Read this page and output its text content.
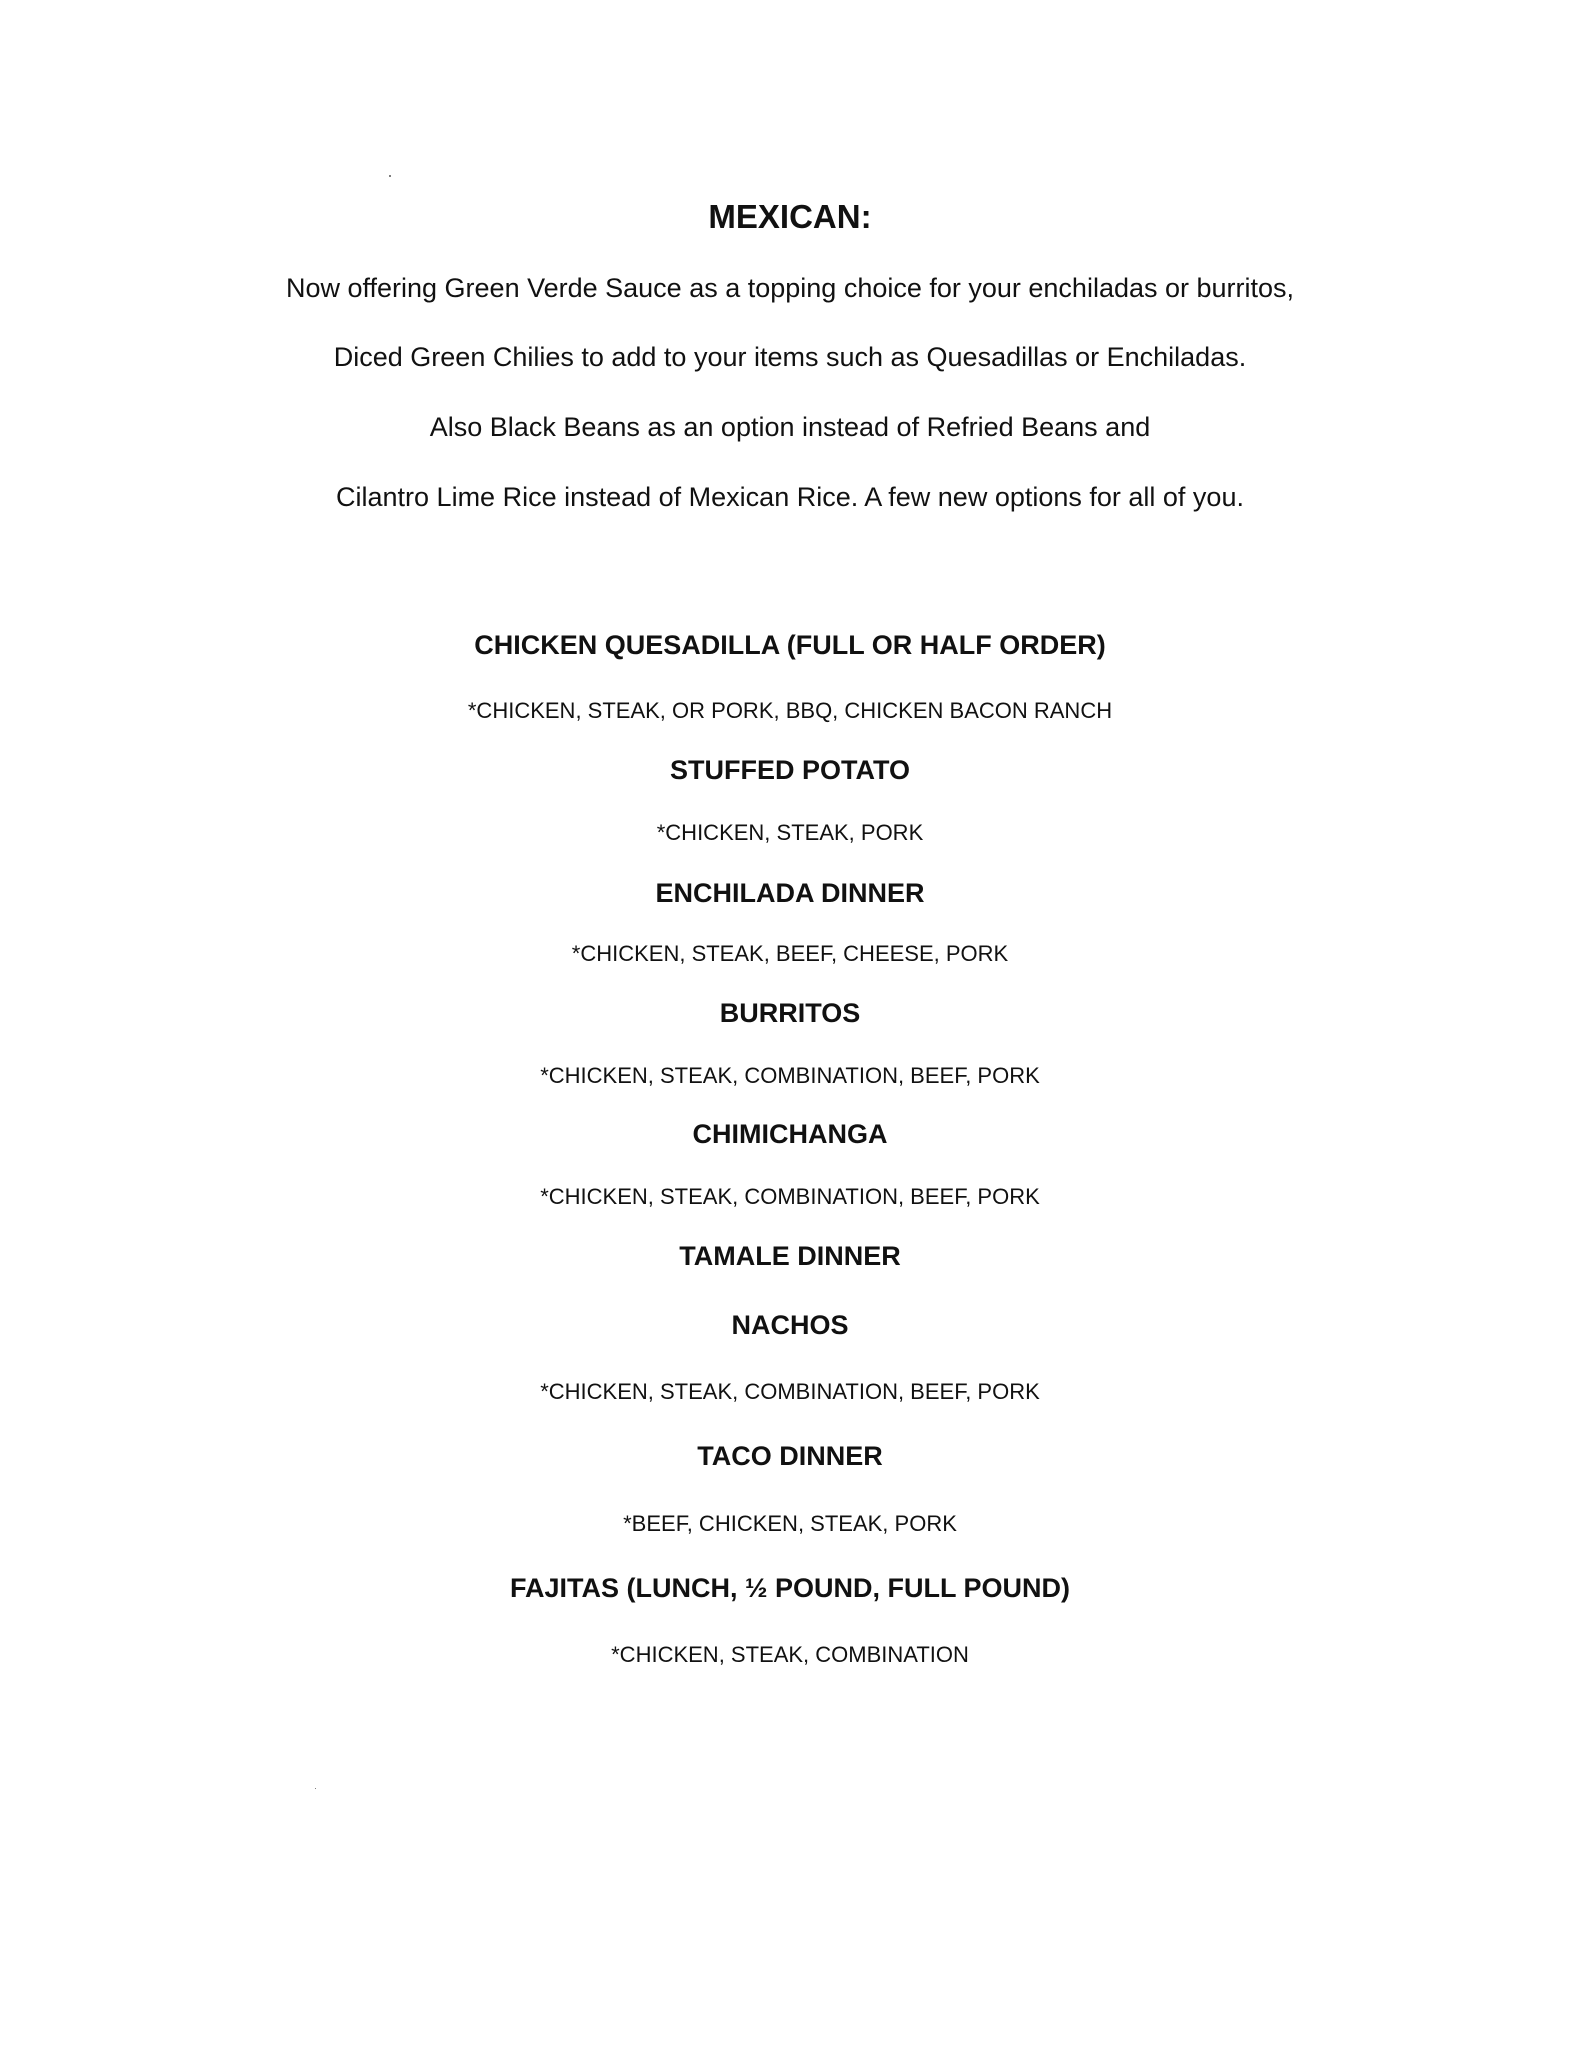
MEXICAN:
Now offering Green Verde Sauce as a topping choice for your enchiladas or burritos,
Diced Green Chilies to add to your items such as Quesadillas or Enchiladas.
Also Black Beans as an option instead of Refried Beans and
Cilantro Lime Rice instead of Mexican Rice. A few new options for all of you.
CHICKEN QUESADILLA (FULL OR HALF ORDER)
*CHICKEN, STEAK, OR PORK, BBQ, CHICKEN BACON RANCH
STUFFED POTATO
*CHICKEN, STEAK, PORK
ENCHILADA DINNER
*CHICKEN, STEAK, BEEF, CHEESE, PORK
BURRITOS
*CHICKEN, STEAK, COMBINATION, BEEF, PORK
CHIMICHANGA
*CHICKEN, STEAK, COMBINATION, BEEF, PORK
TAMALE DINNER
NACHOS
*CHICKEN, STEAK, COMBINATION, BEEF, PORK
TACO DINNER
*BEEF, CHICKEN, STEAK, PORK
FAJITAS (LUNCH, ½ POUND, FULL POUND)
*CHICKEN, STEAK, COMBINATION
